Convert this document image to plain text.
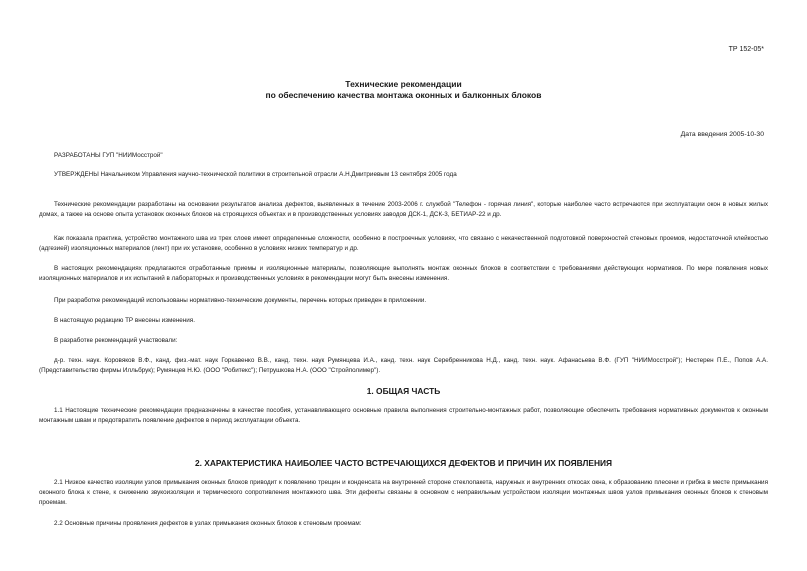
ТР 152-05*
Технические рекомендации
по обеспечению качества монтажа оконных и балконных блоков
Дата введения 2005-10-30
РАЗРАБОТАНЫ ГУП "НИИМосстрой"
УТВЕРЖДЕНЫ Начальником Управления научно-технической политики в строительной отрасли А.Н.Дмитриевым 13 сентября 2005 года
Технические рекомендации разработаны на основании результатов анализа дефектов, выявленных в течение 2003-2006 г. службой "Телефон - горячая линия", которые наиболее часто встречаются при эксплуатации окон в новых жилых домах, а также на основе опыта установок оконных блоков на строящихся объектах и в производственных условиях заводов ДСК-1, ДСК-3, БЕТИАР-22 и др.
Как показала практика, устройство монтажного шва из трех слоев имеет определенные сложности, особенно в построечных условиях, что связано с некачественной подготовкой поверхностей стеновых проемов, недостаточной клейкостью (адгезией) изоляционных материалов (лент) при их установке, особенно в условиях низких температур и др.
В настоящих рекомендациях предлагаются отработанные приемы и изоляционные материалы, позволяющие выполнять монтаж оконных блоков в соответствии с требованиями действующих нормативов. По мере появления новых изоляционных материалов и их испытаний в лабораторных и производственных условиях в рекомендации могут быть внесены изменения.
При разработке рекомендаций использованы нормативно-технические документы, перечень которых приведен в приложении.
В настоящую редакцию ТР внесены изменения.
В разработке рекомендаций участвовали:
д-р. техн. наук. Коровяков В.Ф., канд. физ.-мат. наук Горкавенко В.В., канд. техн. наук Румянцева И.А., канд. техн. наук Серебренникова Н.Д., канд. техн. наук. Афанасьева В.Ф. (ГУП "НИИМосстрой"); Нестерен П.Е., Попов А.А. (Представительство фирмы Илльбрук); Румянцев Н.Ю. (ООО "Робитекс"); Петрушкова Н.А. (ООО "Стройполимер").
1. ОБЩАЯ ЧАСТЬ
1.1 Настоящие технические рекомендации предназначены в качестве пособия, устанавливающего основные правила выполнения строительно-монтажных работ, позволяющие обеспечить требования нормативных документов к оконным монтажным швам и предотвратить появление дефектов в период эксплуатации объекта.
2. ХАРАКТЕРИСТИКА НАИБОЛЕЕ ЧАСТО ВСТРЕЧАЮЩИХСЯ ДЕФЕКТОВ И ПРИЧИН ИХ ПОЯВЛЕНИЯ
2.1 Низкое качество изоляции узлов примыкания оконных блоков приводит к появлению трещин и конденсата на внутренней стороне стеклопакета, наружных и внутренних откосах окна, к образованию плесени и грибка в месте примыкания оконного блока к стене, к снижению звукоизоляции и термического сопротивления монтажного шва. Эти дефекты связаны в основном с неправильным устройством изоляции монтажных швов узлов примыкания оконных блоков к стеновым проемам.
2.2 Основные причины проявления дефектов в узлах примыкания оконных блоков к стеновым проемам:
